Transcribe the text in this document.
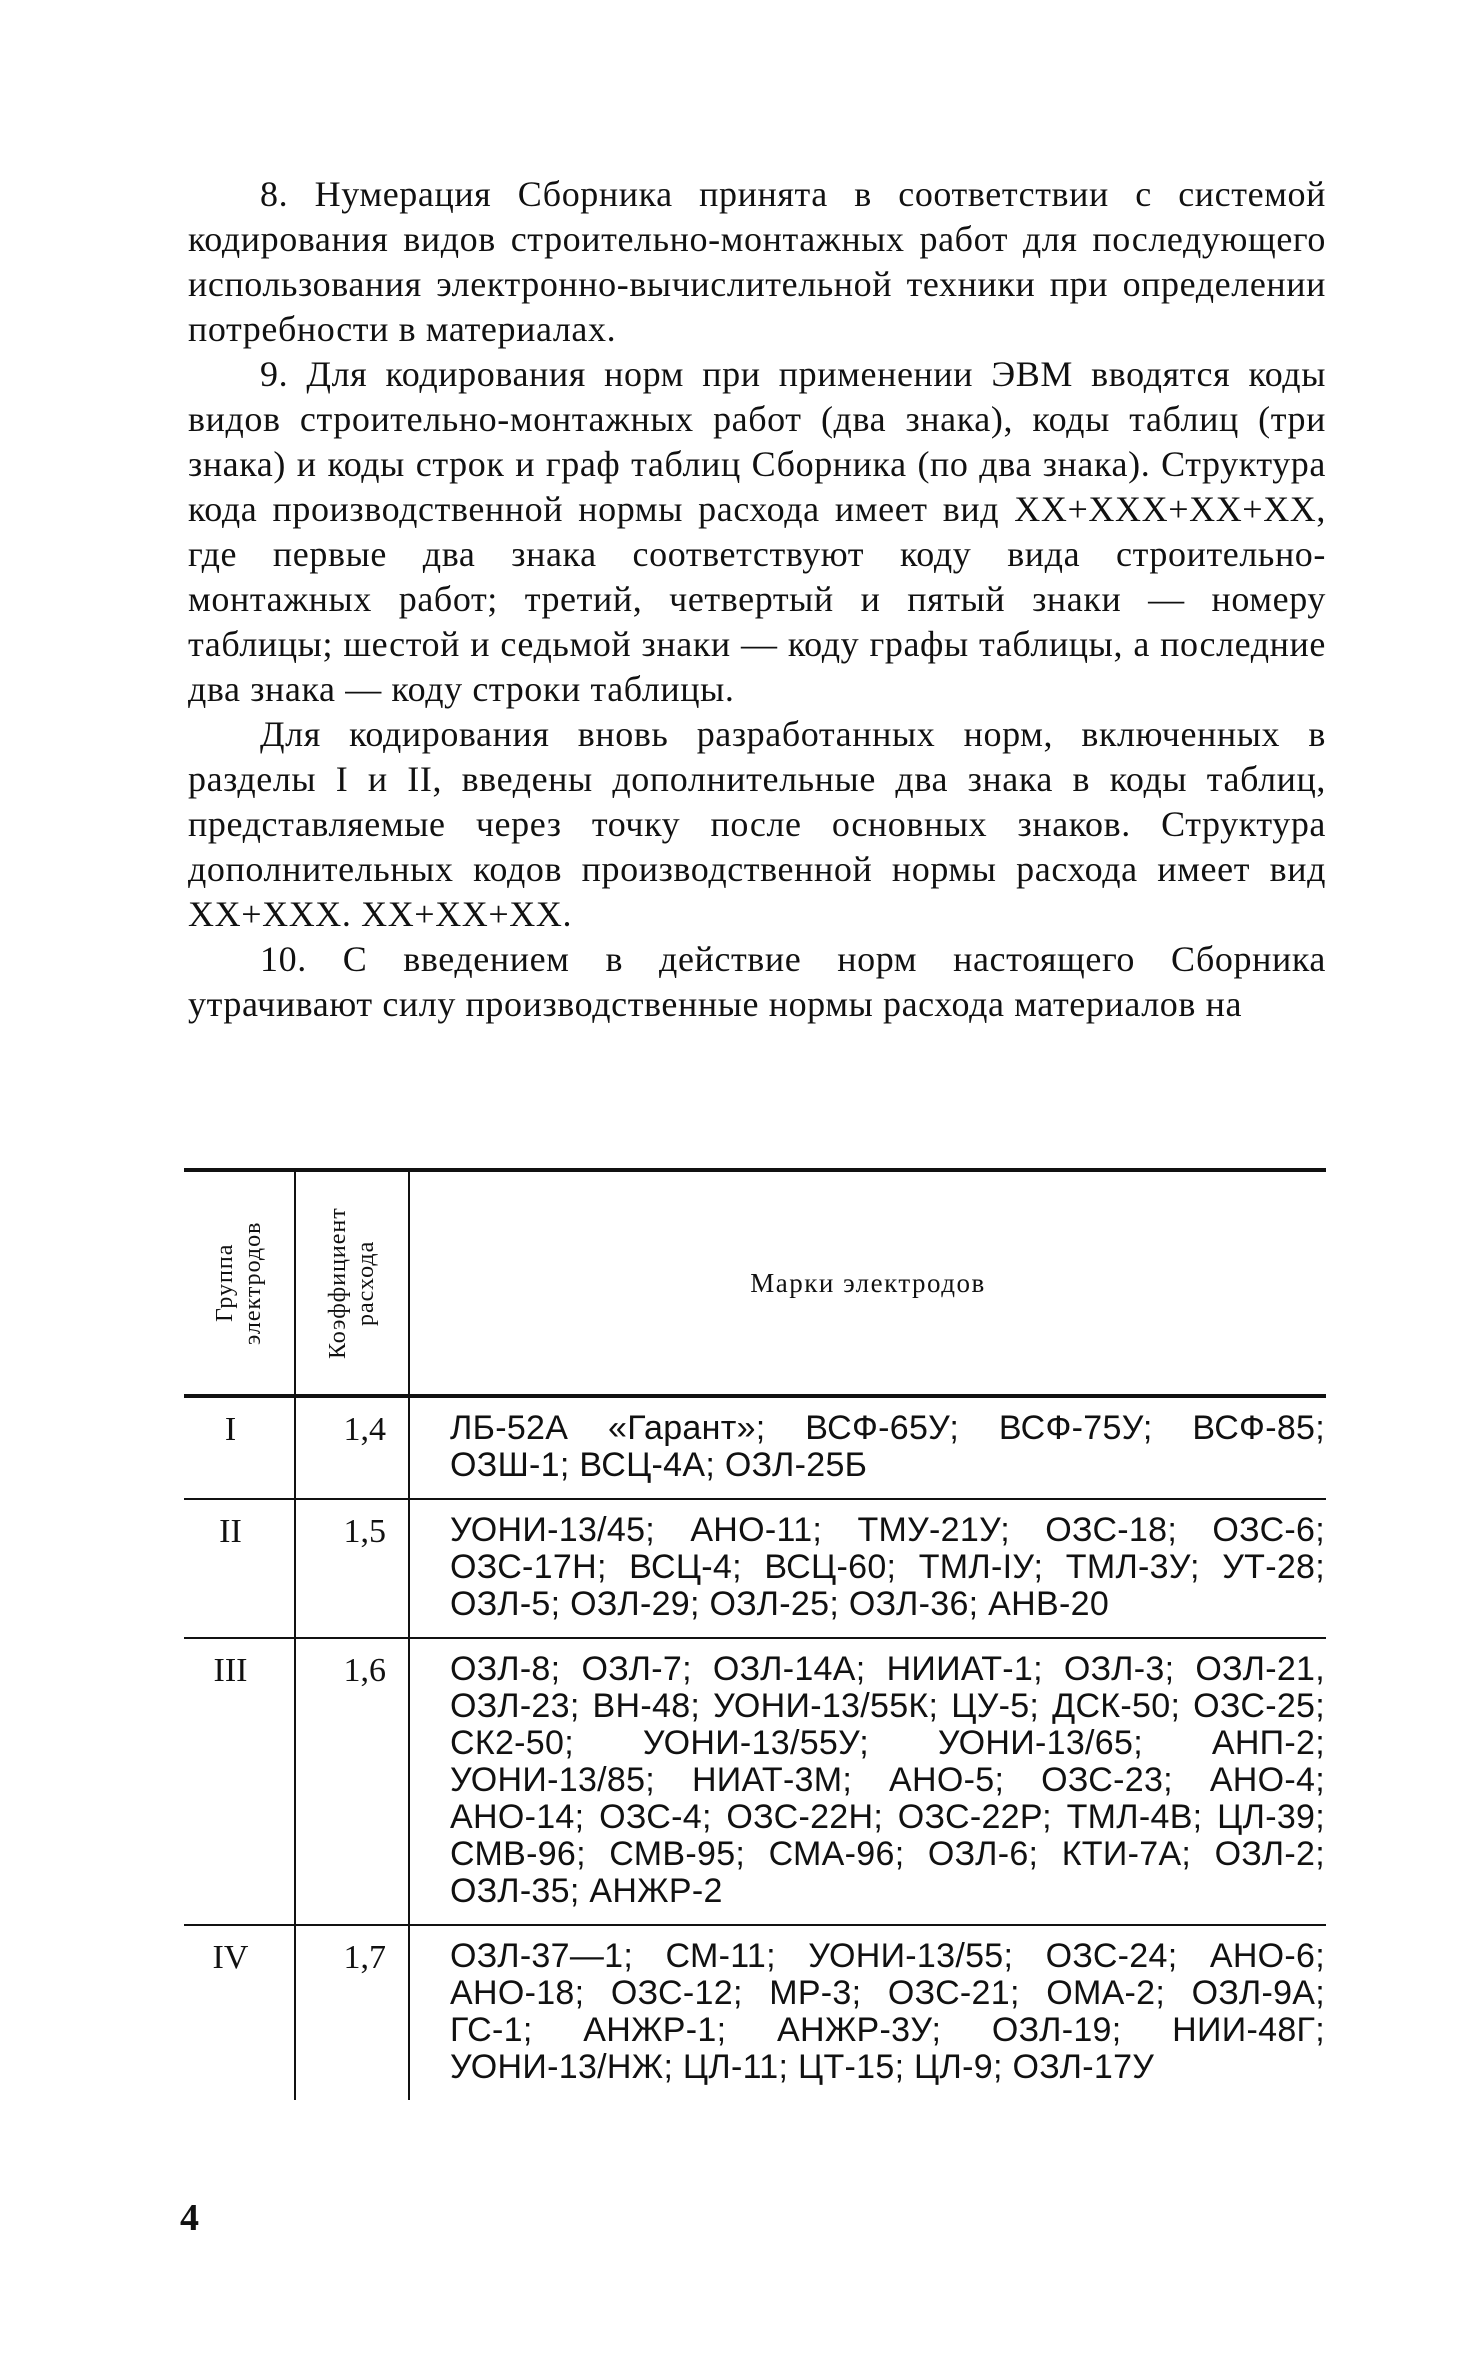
8. Нумерация Сборника принята в соответствии с системой кодирования видов строительно-монтажных работ для последующего использования электронно-вычислительной техники при определении потребности в материалах.

9. Для кодирования норм при применении ЭВМ вводятся коды видов строительно-монтажных работ (два знака), коды таблиц (три знака) и коды строк и граф таблиц Сборника (по два знака). Структура кода производственной нормы расхода имеет вид XX+XXX+XX+XX, где первые два знака соответствуют коду вида строительно-монтажных работ; третий, четвертый и пятый знаки — номеру таблицы; шестой и седьмой знаки — коду графы таблицы, а последние два знака — коду строки таблицы.

Для кодирования вновь разработанных норм, включенных в разделы I и II, введены дополнительные два знака в коды таблиц, представляемые через точку после основных знаков. Структура дополнительных кодов производственной нормы расхода имеет вид XX+XXX. XX+XX+XX.

10. С введением в действие норм настоящего Сборника утрачивают силу производственные нормы расхода материалов на

Группа электродов	Коэффициент расхода	Марки электродов

I	1,4	ЛБ-52А «Гарант»; ВСФ-65У; ВСФ-75У; ВСФ-85; ОЗШ-1; ВСЦ-4А; ОЗЛ-25Б
II	1,5	УОНИ-13/45; АНО-11; ТМУ-21У; ОЗС-18; ОЗС-6; ОЗС-17Н; ВСЦ-4; ВСЦ-60; ТМЛ-IУ; ТМЛ-3У; УТ-28; ОЗЛ-5; ОЗЛ-29; ОЗЛ-25; ОЗЛ-36; АНВ-20
III	1,6	ОЗЛ-8; ОЗЛ-7; ОЗЛ-14А; НИИАТ-1; ОЗЛ-3; ОЗЛ-21, ОЗЛ-23; ВН-48; УОНИ-13/55К; ЦУ-5; ДСК-50; ОЗС-25; СК2-50; УОНИ-13/55У; УОНИ-13/65; АНП-2; УОНИ-13/85; НИАТ-3М; АНО-5; ОЗС-23; АНО-4; АНО-14; ОЗС-4; ОЗС-22Н; ОЗС-22Р; ТМЛ-4В; ЦЛ-39; СМВ-96; СМВ-95; СМА-96; ОЗЛ-6; КТИ-7А; ОЗЛ-2; ОЗЛ-35; АНЖР-2
IV	1,7	ОЗЛ-37—1; СМ-11; УОНИ-13/55; ОЗС-24; АНО-6; АНО-18; ОЗС-12; МР-3; ОЗС-21; ОМА-2; ОЗЛ-9А; ГС-1; АНЖР-1; АНЖР-3У; ОЗЛ-19; НИИ-48Г; УОНИ-13/НЖ; ЦЛ-11; ЦТ-15; ЦЛ-9; ОЗЛ-17У
4
